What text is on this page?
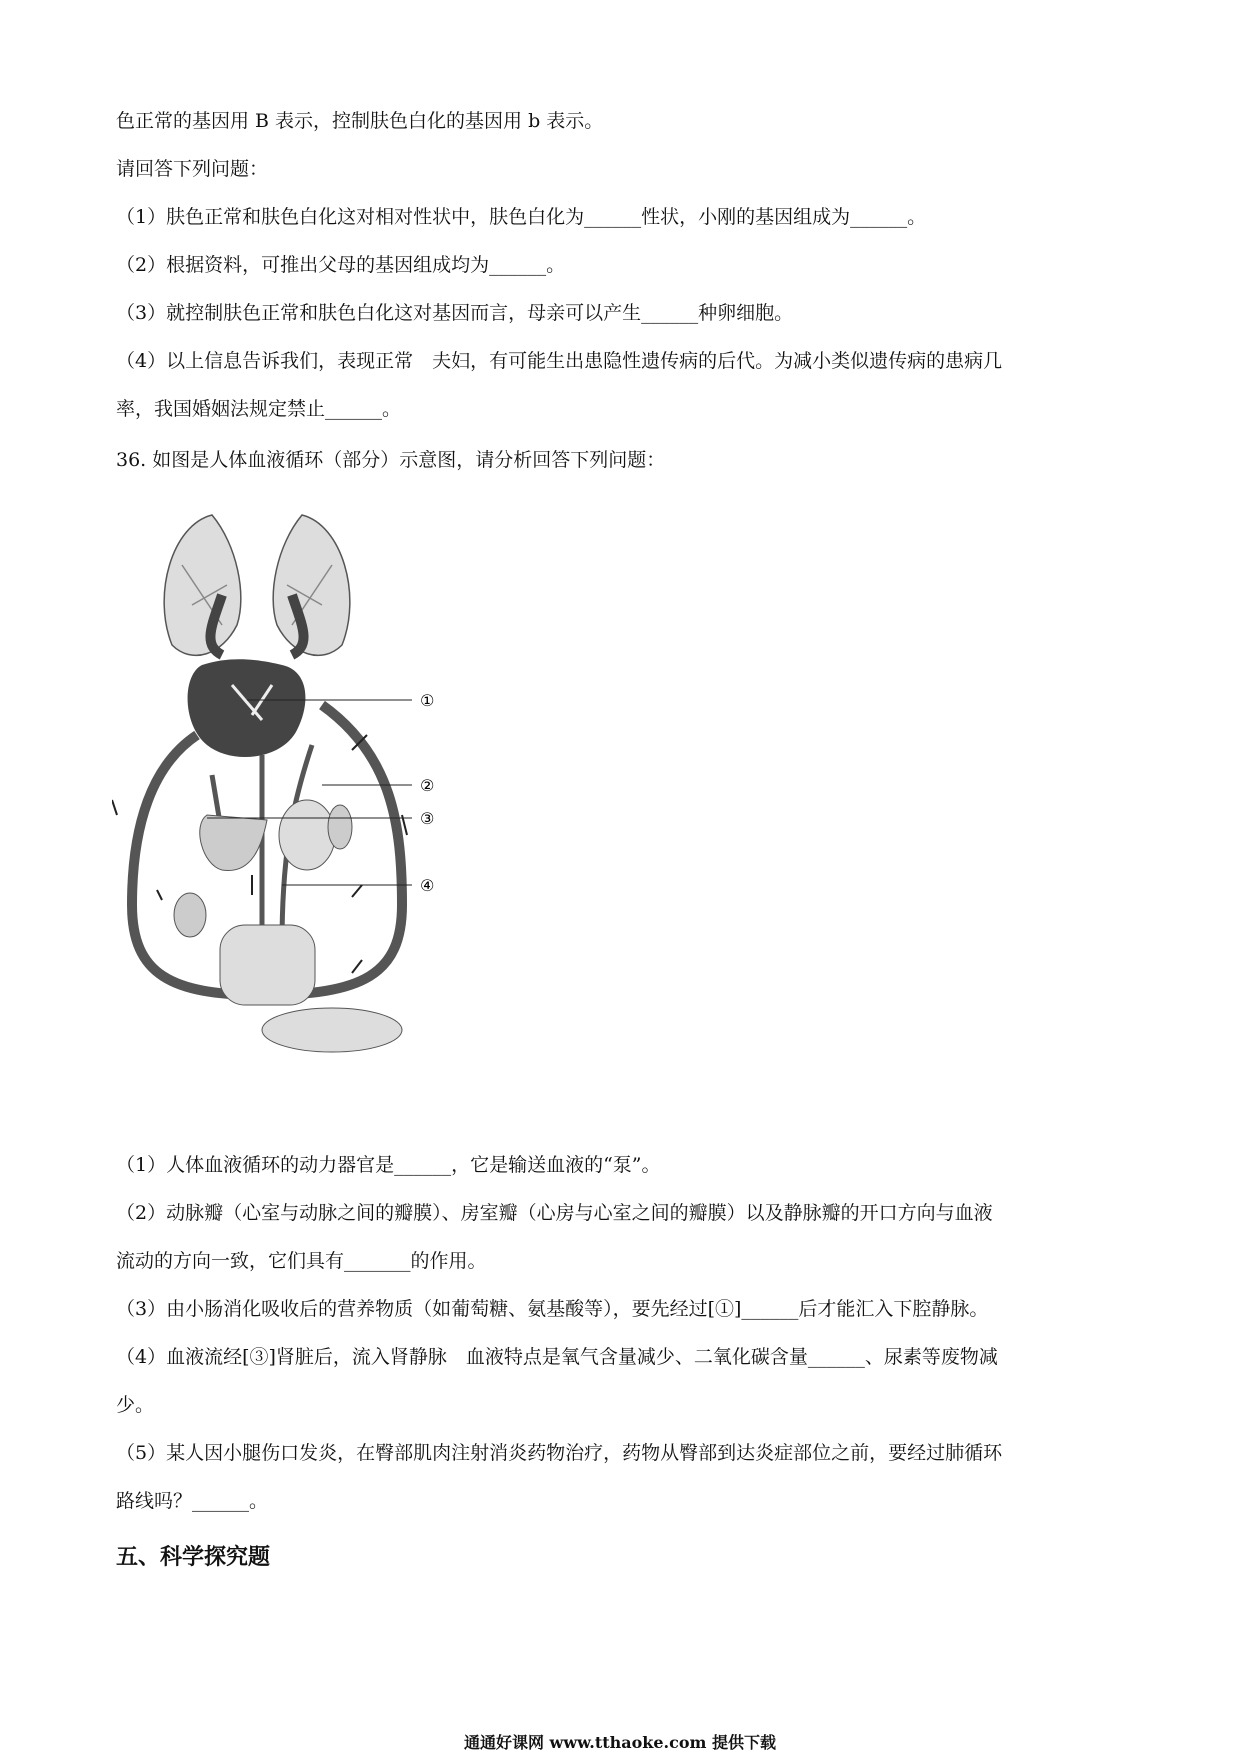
色正常的基因用 B 表示，控制肤色白化的基因用 b 表示。
请回答下列问题：
（1）肤色正常和肤色白化这对相对性状中，肤色白化为______性状，小刚的基因组成为______。
（2）根据资料，可推出父母的基因组成均为______。
（3）就控制肤色正常和肤色白化这对基因而言，母亲可以产生______种卵细胞。
（4）以上信息告诉我们，表现正常　夫妇，有可能生出患隐性遗传病的后代。为减小类似遗传病的患病几
率，我国婚姻法规定禁止______。
36. 如图是人体血液循环（部分）示意图，请分析回答下列问题：
①
②
③
④
（1）人体血液循环的动力器官是______，它是输送血液的“泵”。
（2）动脉瓣（心室与动脉之间的瓣膜）、房室瓣（心房与心室之间的瓣膜）以及静脉瓣的开口方向与血液
流动的方向一致，它们具有_______的作用。
（3）由小肠消化吸收后的营养物质（如葡萄糖、氨基酸等），要先经过[①]______后才能汇入下腔静脉。
（4）血液流经[③]肾脏后，流入肾静脉　血液特点是氧气含量减少、二氧化碳含量______、尿素等废物减
少。
（5）某人因小腿伤口发炎，在臀部肌肉注射消炎药物治疗，药物从臀部到达炎症部位之前，要经过肺循环
路线吗？______。
五、科学探究题
通通好课网 www.tthaoke.com 提供下载
